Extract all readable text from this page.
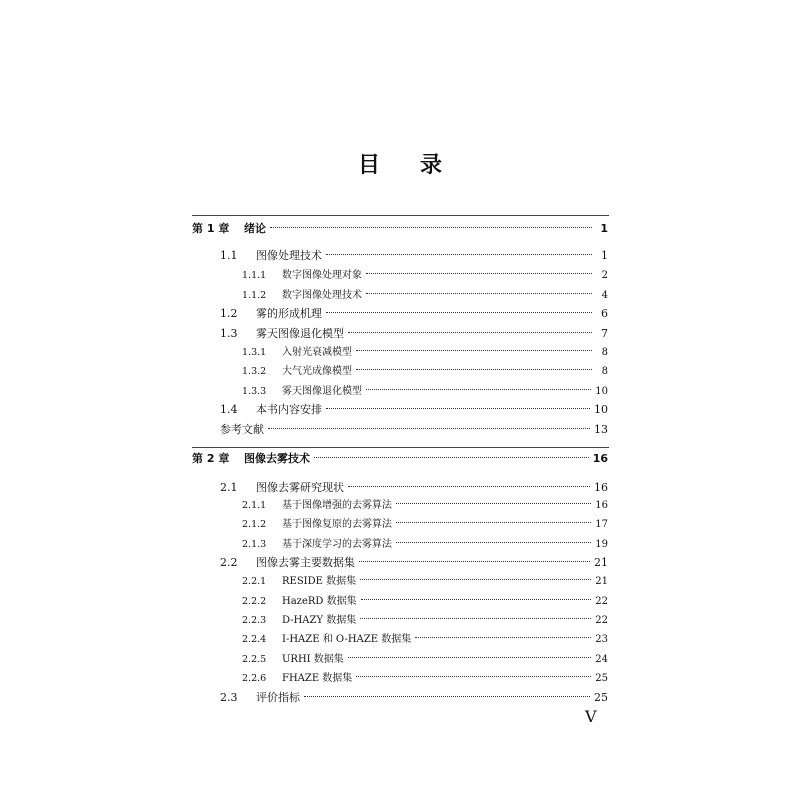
目 录
第 1 章	绪论	1
1.1	图像处理技术	1
1.1.1	数字图像处理对象	2
1.1.2	数字图像处理技术	4
1.2	雾的形成机理	6
1.3	雾天图像退化模型	7
1.3.1	入射光衰减模型	8
1.3.2	大气光成像模型	8
1.3.3	雾天图像退化模型	10
1.4	本书内容安排	10
参考文献	13
第 2 章	图像去雾技术	16
2.1	图像去雾研究现状	16
2.1.1	基于图像增强的去雾算法	16
2.1.2	基于图像复原的去雾算法	17
2.1.3	基于深度学习的去雾算法	19
2.2	图像去雾主要数据集	21
2.2.1	RESIDE 数据集	21
2.2.2	HazeRD 数据集	22
2.2.3	D-HAZY 数据集	22
2.2.4	I-HAZE 和 O-HAZE 数据集	23
2.2.5	URHI 数据集	24
2.2.6	FHAZE 数据集	25
2.3	评价指标	25
V
